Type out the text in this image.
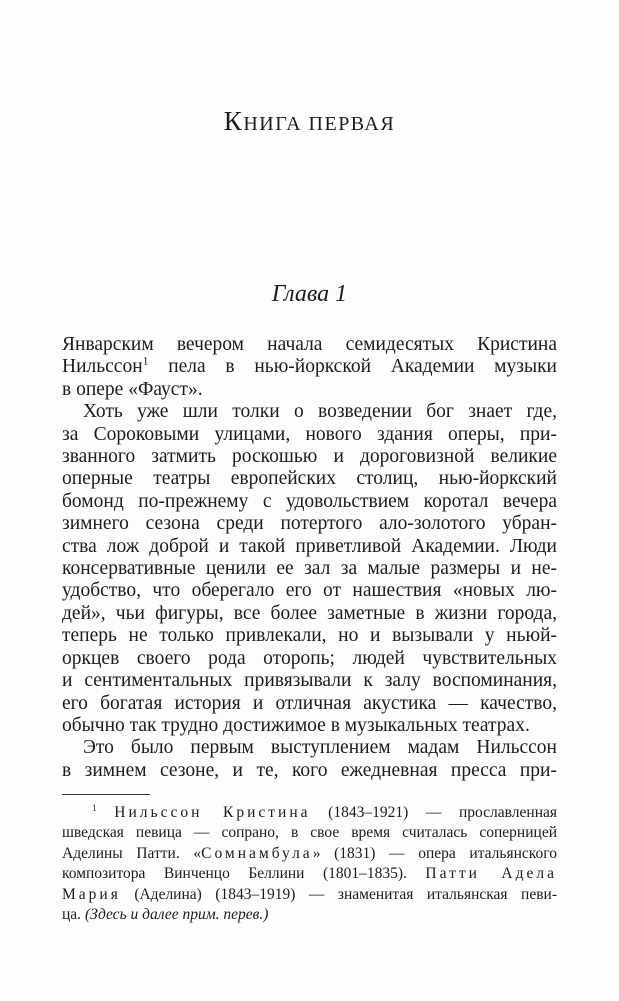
КНИГА ПЕРВАЯ
Глава 1
Январским вечером начала семидесятых Кристина
Нильссон$^1$ пела в нью-йоркской Академии музыки
в опере «Фауст».
Хоть уже шли толки о возведении бог знает где,
за Сороковыми улицами, нового здания оперы, при-
званного затмить роскошью и дороговизной великие
оперные театры европейских столиц, нью-йоркский
бомонд по-прежнему с удовольствием коротал вечера
зимнего сезона среди потертого ало-золотого убран-
ства лож доброй и такой приветливой Академии. Люди
консервативные ценили ее зал за малые размеры и не-
удобство, что оберегало его от нашествия «новых лю-
дей», чьи фигуры, все более заметные в жизни города,
теперь не только привлекали, но и вызывали у ньюй-
оркцев своего рода оторопь; людей чувствительных
и сентиментальных привязывали к залу воспоминания,
его богатая история и отличная акустика — качество,
обычно так трудно достижимое в музыкальных театрах.
Это было первым выступлением мадам Нильссон
в зимнем сезоне, и те, кого ежедневная пресса при-
$^1$ Нильссон Кристина (1843–1921) — прославленная
шведская певица — сопрано, в свое время считалась соперницей
Аделины Патти. «Сомнамбула» (1831) — опера итальянского
композитора Винченцо Беллини (1801–1835). Патти Адела
Мария (Аделина) (1843–1919) — знаменитая итальянская певи-
ца. (Здесь и далее прим. перев.)
